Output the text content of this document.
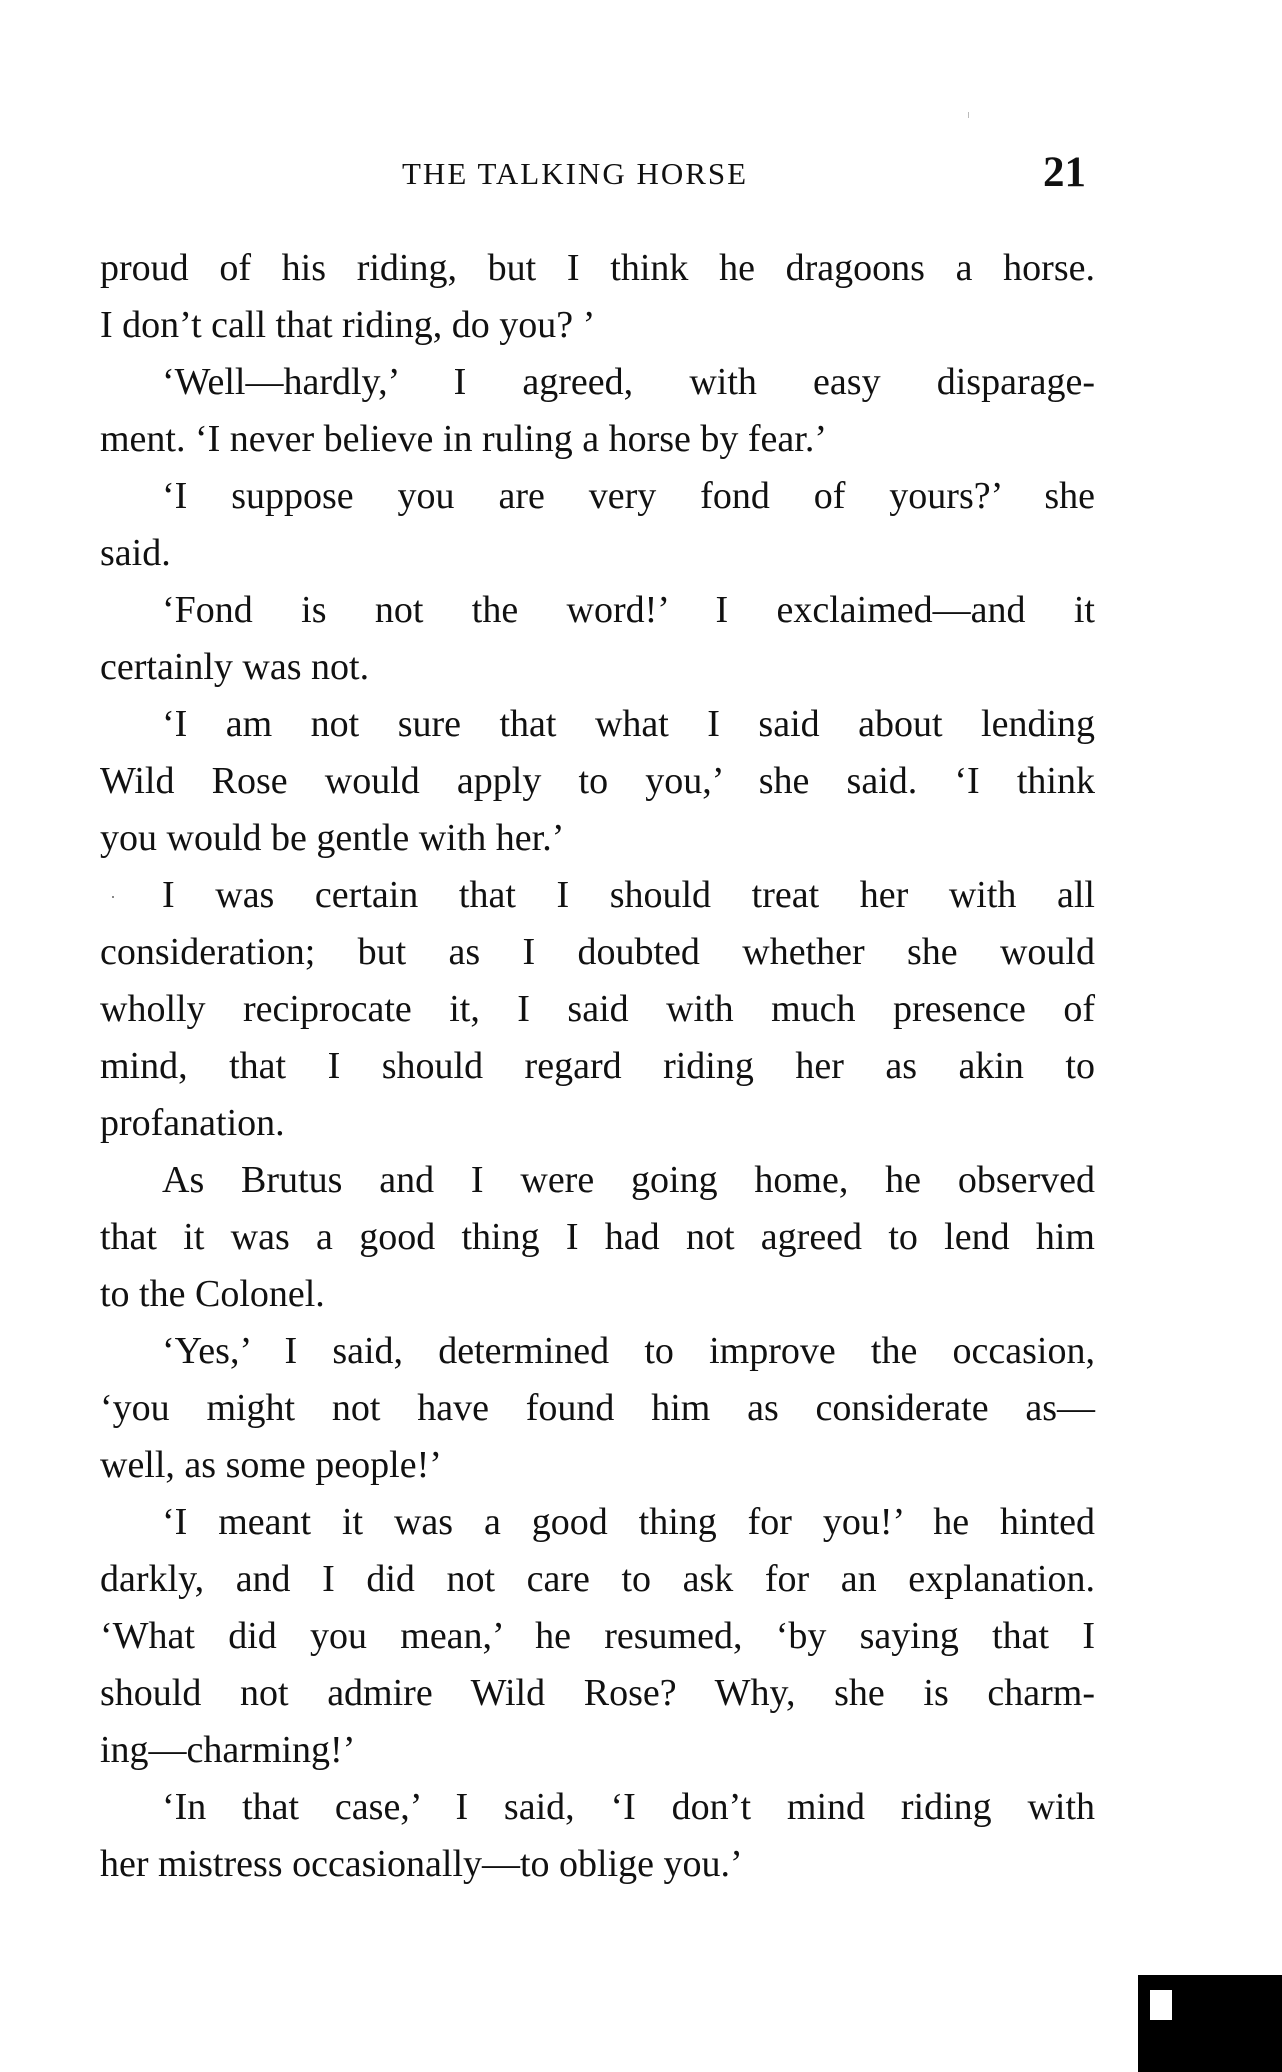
THE TALKING HORSE	21
proud of his riding, but I think he dragoons a horse.
I don’t call that riding, do you? ’
‘Well—hardly,’ I agreed, with easy disparage-
ment. ‘I never believe in ruling a horse by fear.’
‘I suppose you are very fond of yours?’ she
said.
‘Fond is not the word!’ I exclaimed—and it
certainly was not.
‘I am not sure that what I said about lending
Wild Rose would apply to you,’ she said. ‘I think
you would be gentle with her.’
I was certain that I should treat her with all
consideration; but as I doubted whether she would
wholly reciprocate it, I said with much presence of
mind, that I should regard riding her as akin to
profanation.
As Brutus and I were going home, he observed
that it was a good thing I had not agreed to lend him
to the Colonel.
‘Yes,’ I said, determined to improve the occasion,
‘you might not have found him as considerate as—
well, as some people!’
‘I meant it was a good thing for you!’ he hinted
darkly, and I did not care to ask for an explanation.
‘What did you mean,’ he resumed, ‘by saying that I
should not admire Wild Rose? Why, she is charm-
ing—charming!’
‘In that case,’ I said, ‘I don’t mind riding with
her mistress occasionally—to oblige you.’
